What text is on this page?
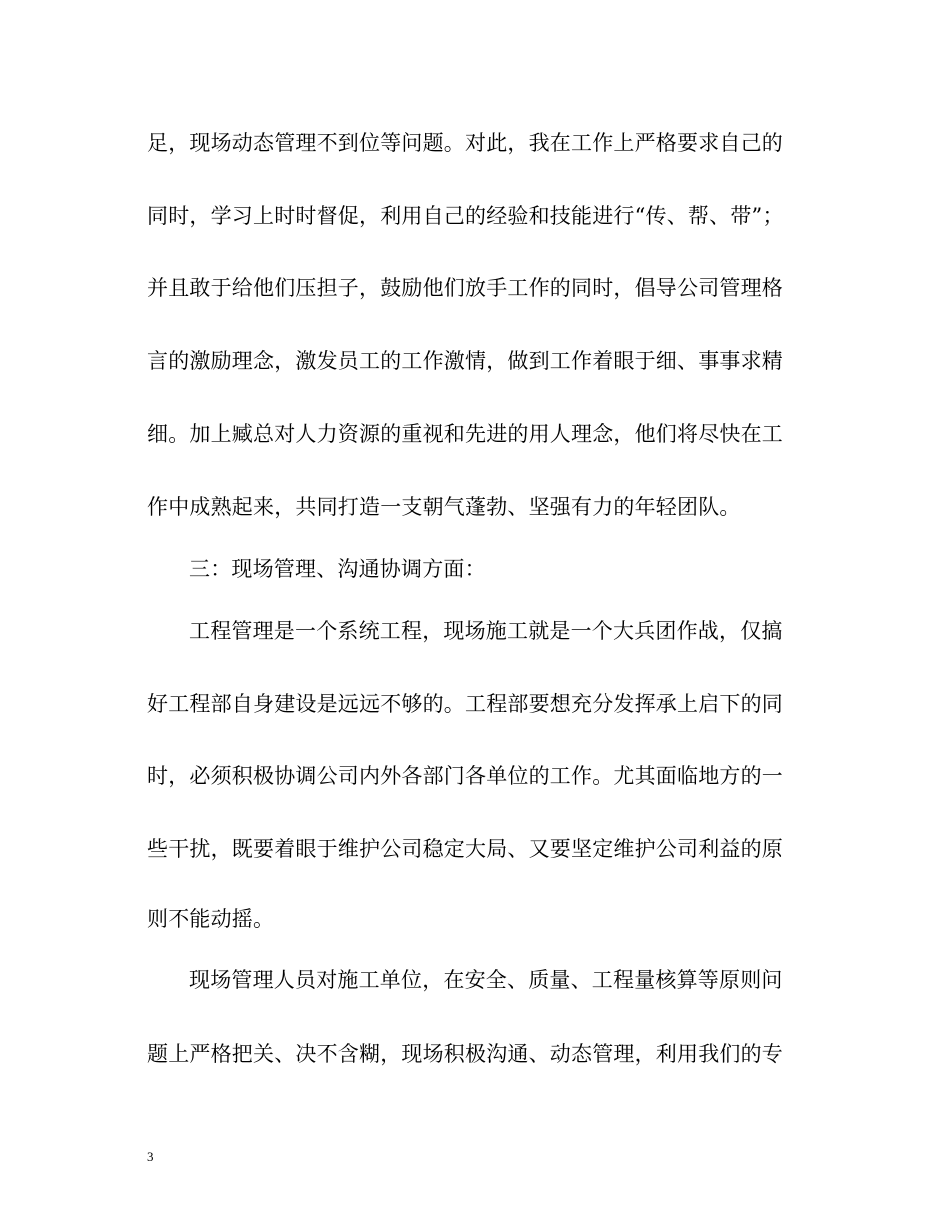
足，现场动态管理不到位等问题。对此，我在工作上严格要求自己的
同时，学习上时时督促，利用自己的经验和技能进行“传、帮、带”；
并且敢于给他们压担子，鼓励他们放手工作的同时，倡导公司管理格
言的激励理念，激发员工的工作激情，做到工作着眼于细、事事求精
细。加上臧总对人力资源的重视和先进的用人理念，他们将尽快在工
作中成熟起来，共同打造一支朝气蓬勃、坚强有力的年轻团队。
三：现场管理、沟通协调方面：
工程管理是一个系统工程，现场施工就是一个大兵团作战，仅搞
好工程部自身建设是远远不够的。工程部要想充分发挥承上启下的同
时，必须积极协调公司内外各部门各单位的工作。尤其面临地方的一
些干扰，既要着眼于维护公司稳定大局、又要坚定维护公司利益的原
则不能动摇。
现场管理人员对施工单位，在安全、质量、工程量核算等原则问
题上严格把关、决不含糊，现场积极沟通、动态管理，利用我们的专
3
